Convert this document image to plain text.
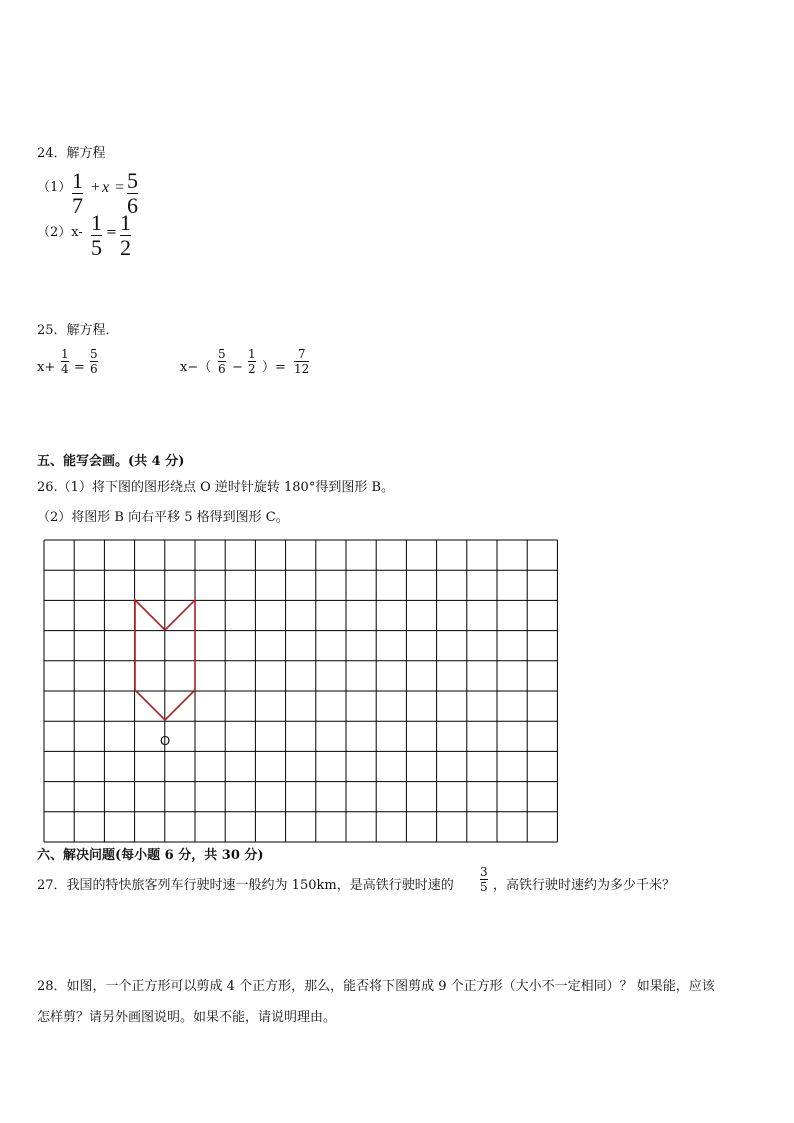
24．解方程
（1） 1
7
+ x = 5
6
（2）x- 1
5
= 1
2
25．解方程．
x+
1
4 =
5
6	x−（
5
6 −
1
2 ）=
7
12
五、能写会画。(共 4 分)
26.（1）将下图的图形绕点 O 逆时针旋转 180°得到图形 B。
（2）将图形 B 向右平移 5 格得到图形 C。
O
六、解决问题(每小题 6 分，共 30 分)
27．我国的特快旅客列车行驶时速一般约为 150km，是高铁行驶时速的
3
5 ，高铁行驶时速约为多少千米？
28．如图，一个正方形可以剪成 4 个正方形，那么，能否将下图剪成 9 个正方形（大小不一定相同）？ 如果能，应该
怎样剪？请另外画图说明。如果不能，请说明理由。
